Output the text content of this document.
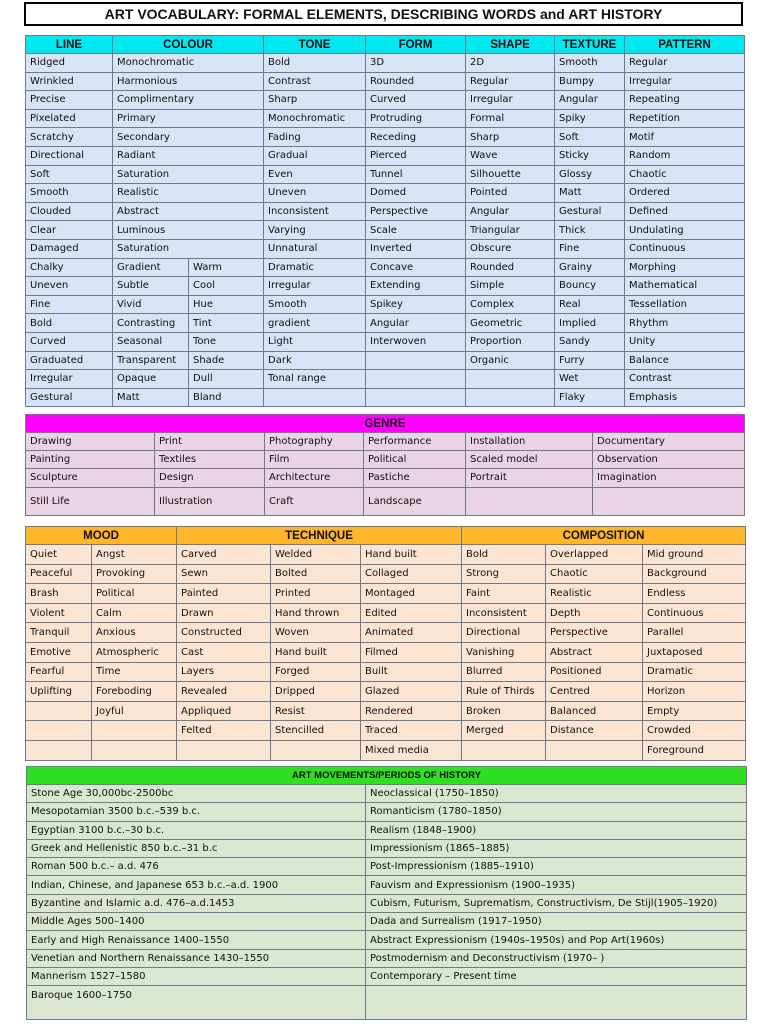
ART VOCABULARY: FORMAL ELEMENTS, DESCRIBING WORDS and ART HISTORY
LINE	COLOUR		TONE	FORM	SHAPE	TEXTURE	PATTERN
Ridged	Monochromatic		Bold	3D	2D	Smooth	Regular
Wrinkled	Harmonious		Contrast	Rounded	Regular	Bumpy	Irregular
Precise	Complimentary		Sharp	Curved	Irregular	Angular	Repeating
Pixelated	Primary		Monochromatic	Protruding	Formal	Spiky	Repetition
Scratchy	Secondary		Fading	Receding	Sharp	Soft	Motif
Directional	Radiant		Gradual	Pierced	Wave	Sticky	Random
Soft	Saturation		Even	Tunnel	Silhouette	Glossy	Chaotic
Smooth	Realistic		Uneven	Domed	Pointed	Matt	Ordered
Clouded	Abstract		Inconsistent	Perspective	Angular	Gestural	Defined
Clear	Luminous		Varying	Scale	Triangular	Thick	Undulating
Damaged	Saturation		Unnatural	Inverted	Obscure	Fine	Continuous
Chalky	Gradient	Warm	Dramatic	Concave	Rounded	Grainy	Morphing
Uneven	Subtle	Cool	Irregular	Extending	Simple	Bouncy	Mathematical
Fine	Vivid	Hue	Smooth	Spikey	Complex	Real	Tessellation
Bold	Contrasting	Tint	gradient	Angular	Geometric	Implied	Rhythm
Curved	Seasonal	Tone	Light	Interwoven	Proportion	Sandy	Unity
Graduated	Transparent	Shade	Dark		Organic	Furry	Balance
Irregular	Opaque	Dull	Tonal range			Wet	Contrast
Gestural	Matt	Bland				Flaky	Emphasis
GENRE					
Drawing	Print	Photography	Performance	Installation	Documentary
Painting	Textiles	Film	Political	Scaled model	Observation
Sculpture	Design	Architecture	Pastiche	Portrait	Imagination
Still Life	Illustration	Craft	Landscape		
MOOD		TECHNIQUE			COMPOSITION		
Quiet	Angst	Carved	Welded	Hand built	Bold	Overlapped	Mid ground
Peaceful	Provoking	Sewn	Bolted	Collaged	Strong	Chaotic	Background
Brash	Political	Painted	Printed	Montaged	Faint	Realistic	Endless
Violent	Calm	Drawn	Hand thrown	Edited	Inconsistent	Depth	Continuous
Tranquil	Anxious	Constructed	Woven	Animated	Directional	Perspective	Parallel
Emotive	Atmospheric	Cast	Hand built	Filmed	Vanishing	Abstract	Juxtaposed
Fearful	Time	Layers	Forged	Built	Blurred	Positioned	Dramatic
Uplifting	Foreboding	Revealed	Dripped	Glazed	Rule of Thirds	Centred	Horizon
	Joyful	Appliqued	Resist	Rendered	Broken	Balanced	Empty
		Felted	Stencilled	Traced	Merged	Distance	Crowded
				Mixed media			Foreground
ART MOVEMENTS/PERIODS OF HISTORY	
Stone Age 30,000bc-2500bc	Neoclassical (1750–1850)
Mesopotamian 3500 b.c.–539 b.c.	Romanticism (1780–1850)
Egyptian 3100 b.c.–30 b.c.	Realism (1848–1900)
Greek and Hellenistic 850 b.c.–31 b.c	Impressionism (1865–1885)
Roman 500 b.c.– a.d. 476	Post-Impressionism (1885–1910)
Indian, Chinese, and Japanese 653 b.c.–a.d. 1900	Fauvism and Expressionism (1900–1935)
Byzantine and Islamic a.d. 476–a.d.1453	Cubism, Futurism, Suprematism, Constructivism, De Stijl(1905–1920)
Middle Ages 500–1400	Dada and Surrealism (1917–1950)
Early and High Renaissance 1400–1550	Abstract Expressionism (1940s–1950s) and Pop Art(1960s)
Venetian and Northern Renaissance 1430–1550	Postmodernism and Deconstructivism (1970– )
Mannerism 1527–1580	Contemporary – Present time
Baroque 1600–1750	
